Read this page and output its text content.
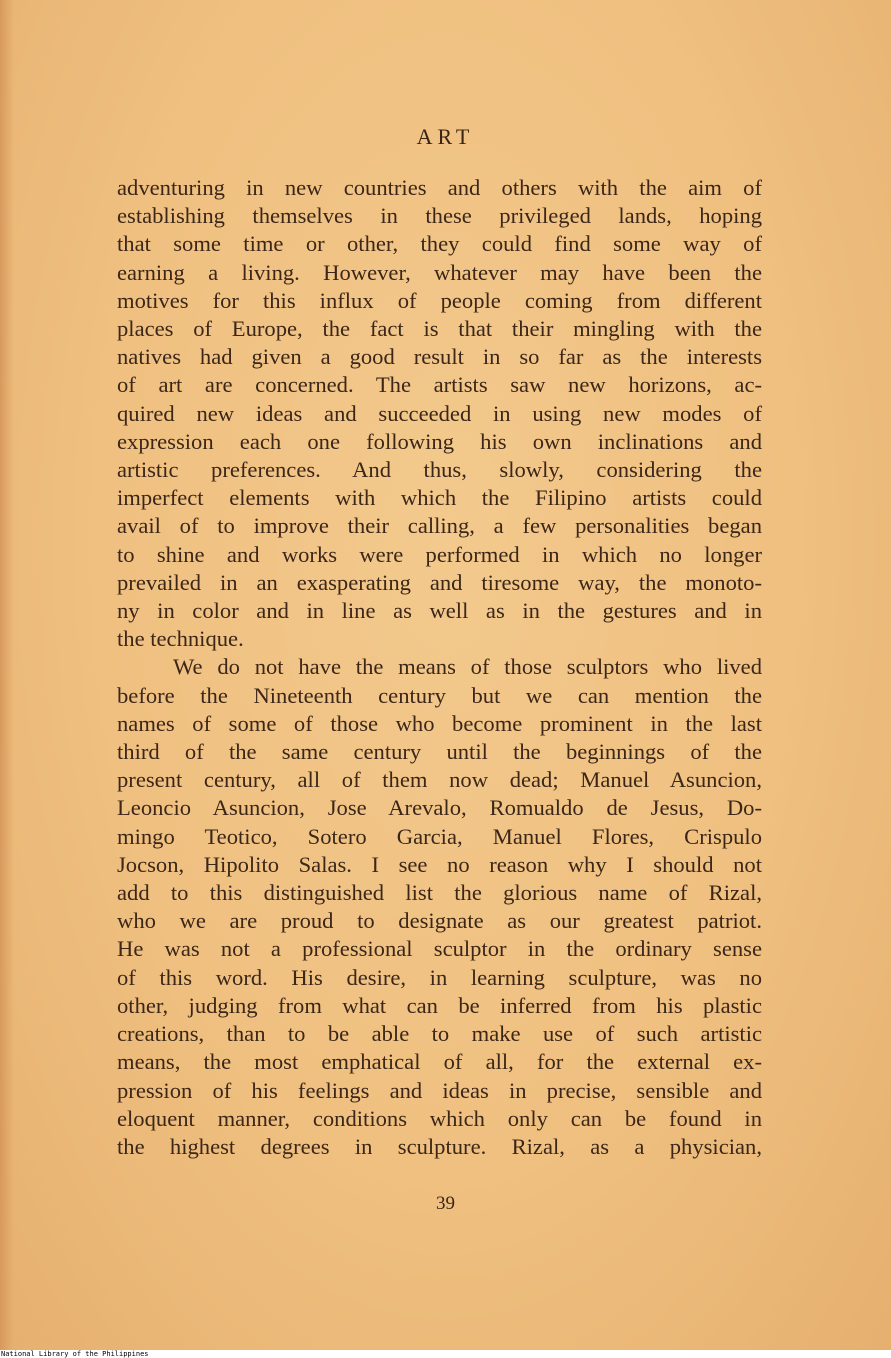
ART

adventuring in new countries and others with the aim of
establishing themselves in these privileged lands, hoping
that some time or other, they could find some way of
earning a living. However, whatever may have been the
motives for this influx of people coming from different
places of Europe, the fact is that their mingling with the
natives had given a good result in so far as the interests
of art are concerned. The artists saw new horizons, ac-
quired new ideas and succeeded in using new modes of
expression each one following his own inclinations and
artistic preferences. And thus, slowly, considering the
imperfect elements with which the Filipino artists could
avail of to improve their calling, a few personalities began
to shine and works were performed in which no longer
prevailed in an exasperating and tiresome way, the monoto-
ny in color and in line as well as in the gestures and in
the technique.

We do not have the means of those sculptors who lived
before the Nineteenth century but we can mention the
names of some of those who become prominent in the last
third of the same century until the beginnings of the
present century, all of them now dead; Manuel Asuncion,
Leoncio Asuncion, Jose Arevalo, Romualdo de Jesus, Do-
mingo Teotico, Sotero Garcia, Manuel Flores, Crispulo
Jocson, Hipolito Salas. I see no reason why I should not
add to this distinguished list the glorious name of Rizal,
who we are proud to designate as our greatest patriot.
He was not a professional sculptor in the ordinary sense
of this word. His desire, in learning sculpture, was no
other, judging from what can be inferred from his plastic
creations, than to be able to make use of such artistic
means, the most emphatical of all, for the external ex-
pression of his feelings and ideas in precise, sensible and
eloquent manner, conditions which only can be found in
the highest degrees in sculpture. Rizal, as a physician,

39
National Library of the Philippines
